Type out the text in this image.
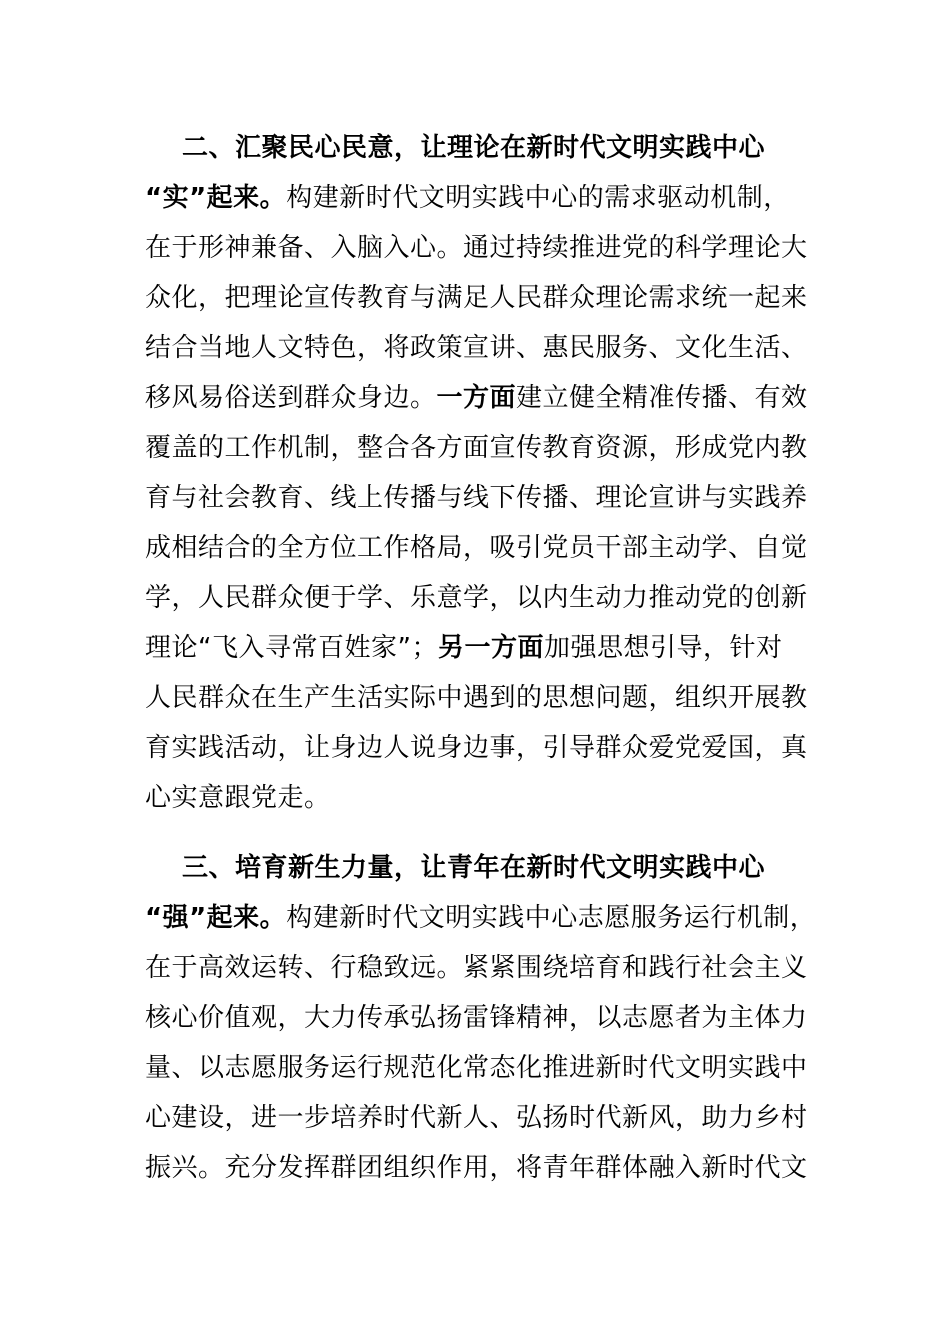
二、汇聚民心民意，让理论在新时代文明实践中心
“实”起来。构建新时代文明实践中心的需求驱动机制，
在于形神兼备、入脑入心。通过持续推进党的科学理论大
众化，把理论宣传教育与满足人民群众理论需求统一起来
结合当地人文特色，将政策宣讲、惠民服务、文化生活、
移风易俗送到群众身边。一方面建立健全精准传播、有效
覆盖的工作机制，整合各方面宣传教育资源，形成党内教
育与社会教育、线上传播与线下传播、理论宣讲与实践养
成相结合的全方位工作格局，吸引党员干部主动学、自觉
学，人民群众便于学、乐意学，以内生动力推动党的创新
理论“飞入寻常百姓家”；另一方面加强思想引导，针对
人民群众在生产生活实际中遇到的思想问题，组织开展教
育实践活动，让身边人说身边事，引导群众爱党爱国，真
心实意跟党走。
三、培育新生力量，让青年在新时代文明实践中心
“强”起来。构建新时代文明实践中心志愿服务运行机制，
在于高效运转、行稳致远。紧紧围绕培育和践行社会主义
核心价值观，大力传承弘扬雷锋精神，以志愿者为主体力
量、以志愿服务运行规范化常态化推进新时代文明实践中
心建设，进一步培养时代新人、弘扬时代新风，助力乡村
振兴。充分发挥群团组织作用，将青年群体融入新时代文
